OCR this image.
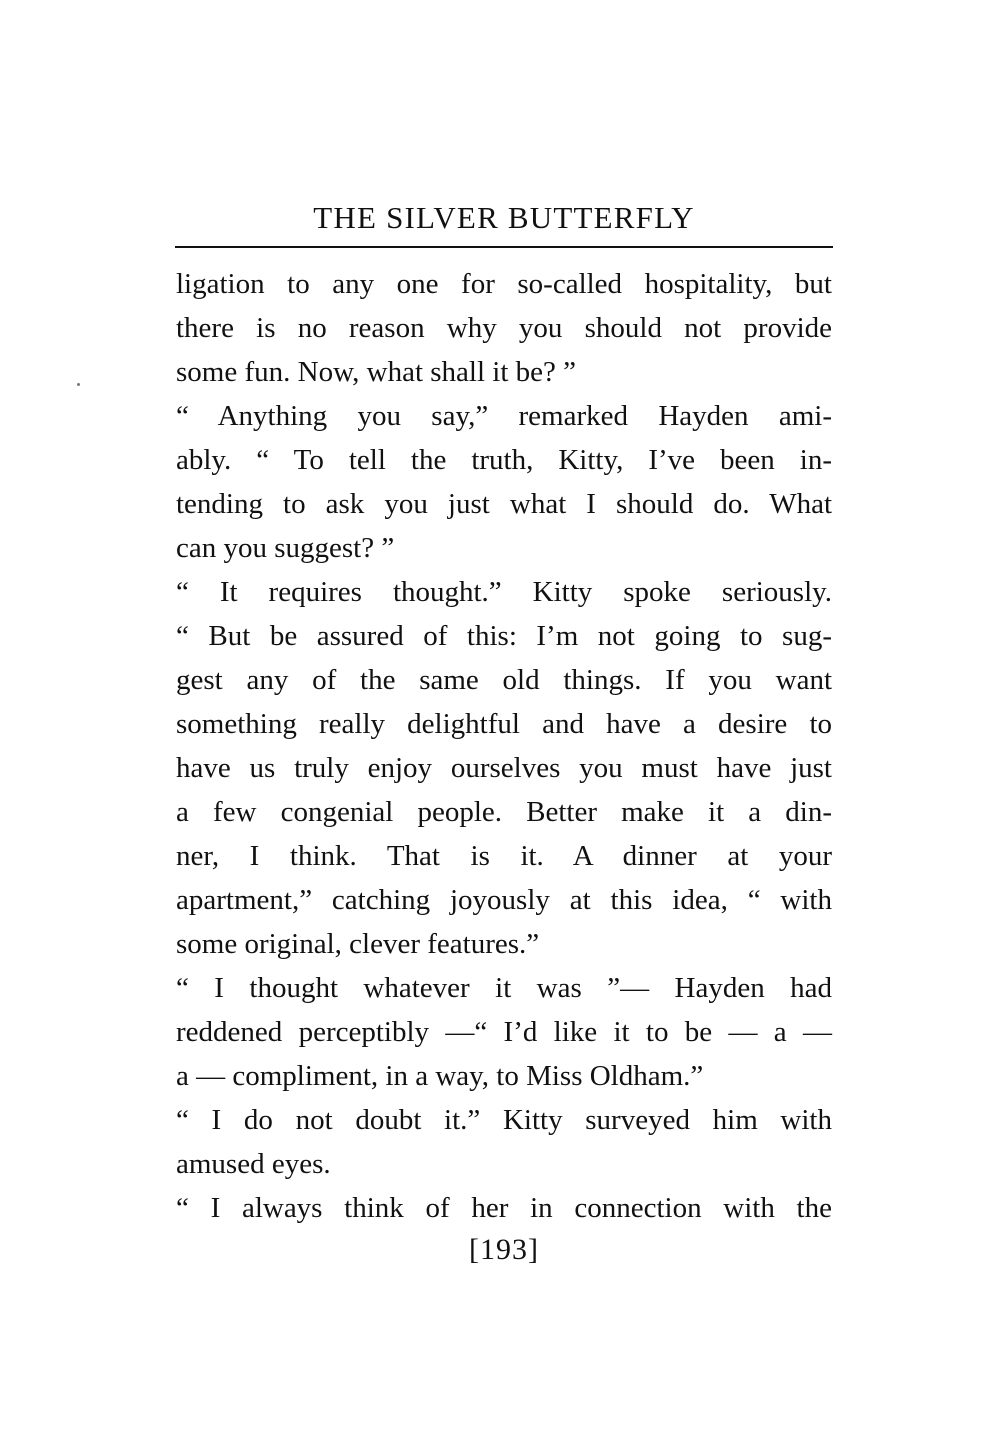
THE SILVER BUTTERFLY
ligation to any one for so-called hospitality, but
there is no reason why you should not provide
some fun. Now, what shall it be? ”
“ Anything you say,” remarked Hayden ami-
ably. “ To tell the truth, Kitty, I’ve been in-
tending to ask you just what I should do. What
can you suggest? ”
“ It requires thought.” Kitty spoke seriously.
“ But be assured of this: I’m not going to sug-
gest any of the same old things. If you want
something really delightful and have a desire to
have us truly enjoy ourselves you must have just
a few congenial people. Better make it a din-
ner, I think. That is it. A dinner at your
apartment,” catching joyously at this idea, “ with
some original, clever features.”
“ I thought whatever it was ”— Hayden had
reddened perceptibly —“ I’d like it to be — a —
a — compliment, in a way, to Miss Oldham.”
“ I do not doubt it.” Kitty surveyed him with
amused eyes.
“ I always think of her in connection with the
[193]
